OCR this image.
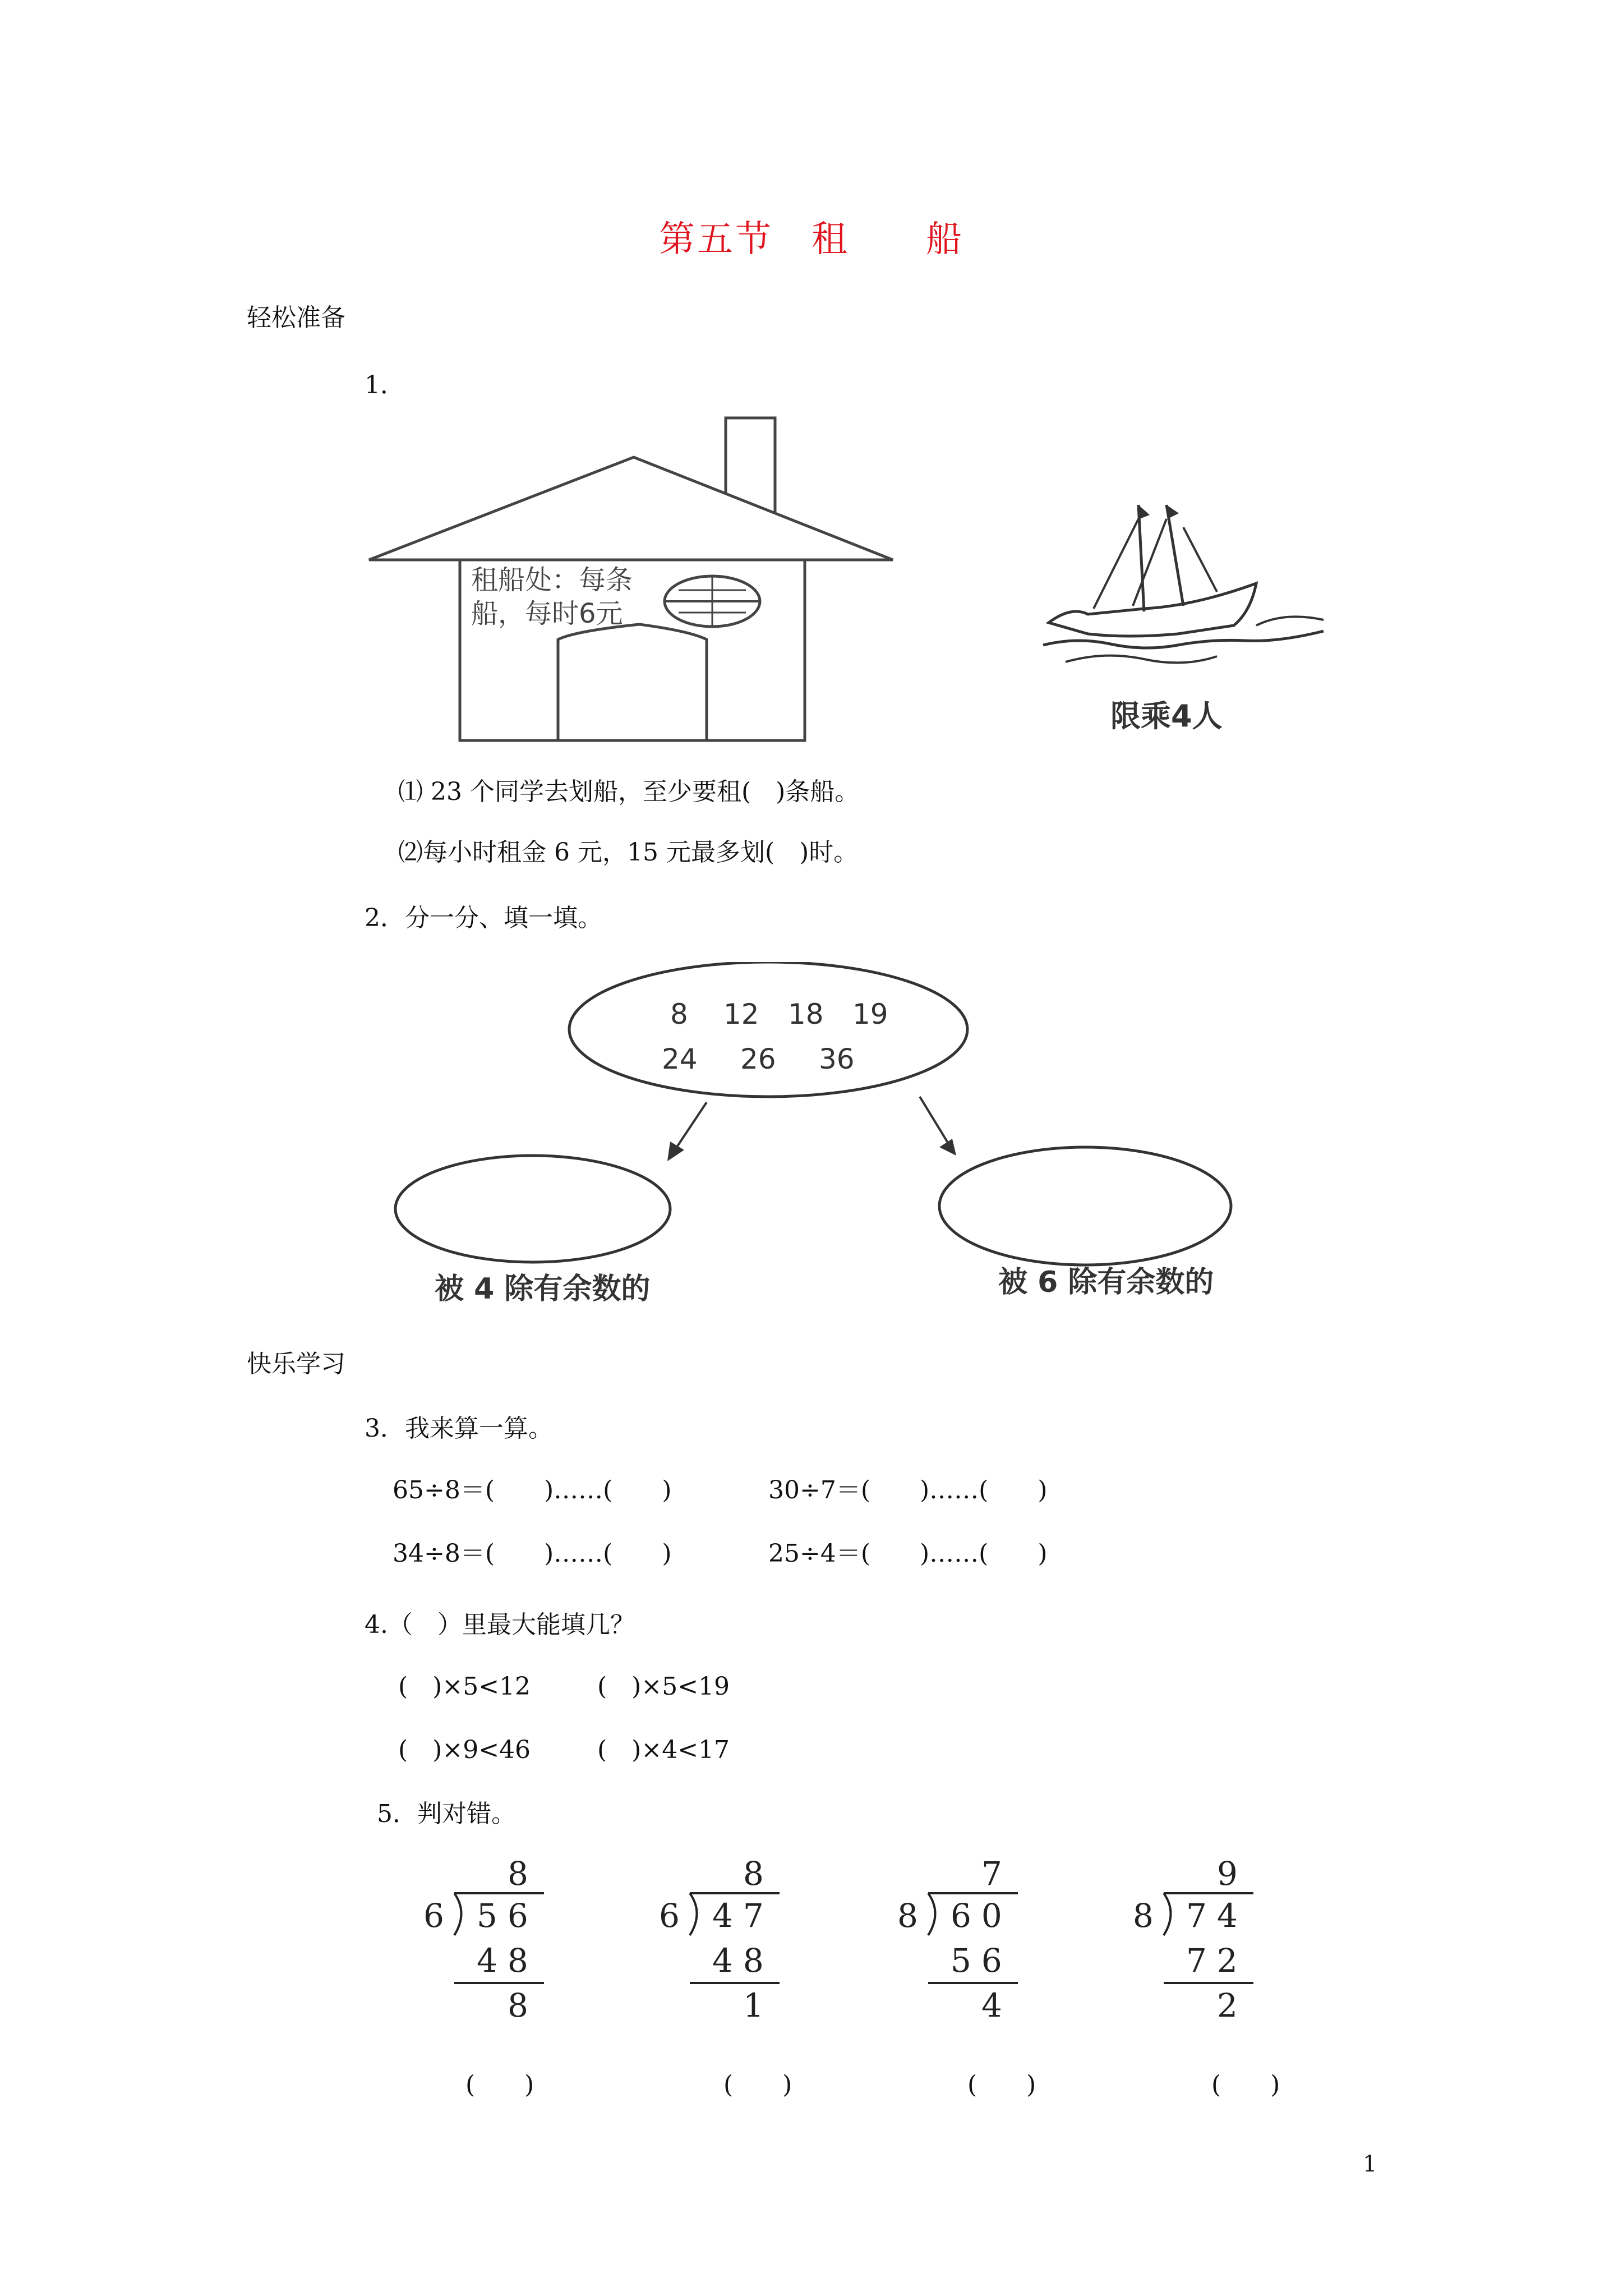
第五节　租　　船
轻松准备
1．
租船处：每条
船，每时6元
限乘4人
⑴ 23 个同学去划船，至少要租(　)条船。
⑵每小时租金 6 元，15 元最多划(　)时。
2．分一分、填一填。
8 12 18 19
24 26 36
被 4 除有余数的	被 6 除有余数的
快乐学习
3．我来算一算。
65÷8＝(　　)……(　　)	30÷7＝(　　)……(　　)
34÷8＝(　　)……(　　)	25÷4＝(　　)……(　　)
4.（　）里最大能填几？
(　)×5<12	(　)×5<19
(　)×9<46	(　)×4<17
5．判对错。
8
6 56
48
8
8
6 47
48
1
7
8 60
56
4
9
8 74
72
2
(　　)	(　　)	(　　)	(　　)
1
